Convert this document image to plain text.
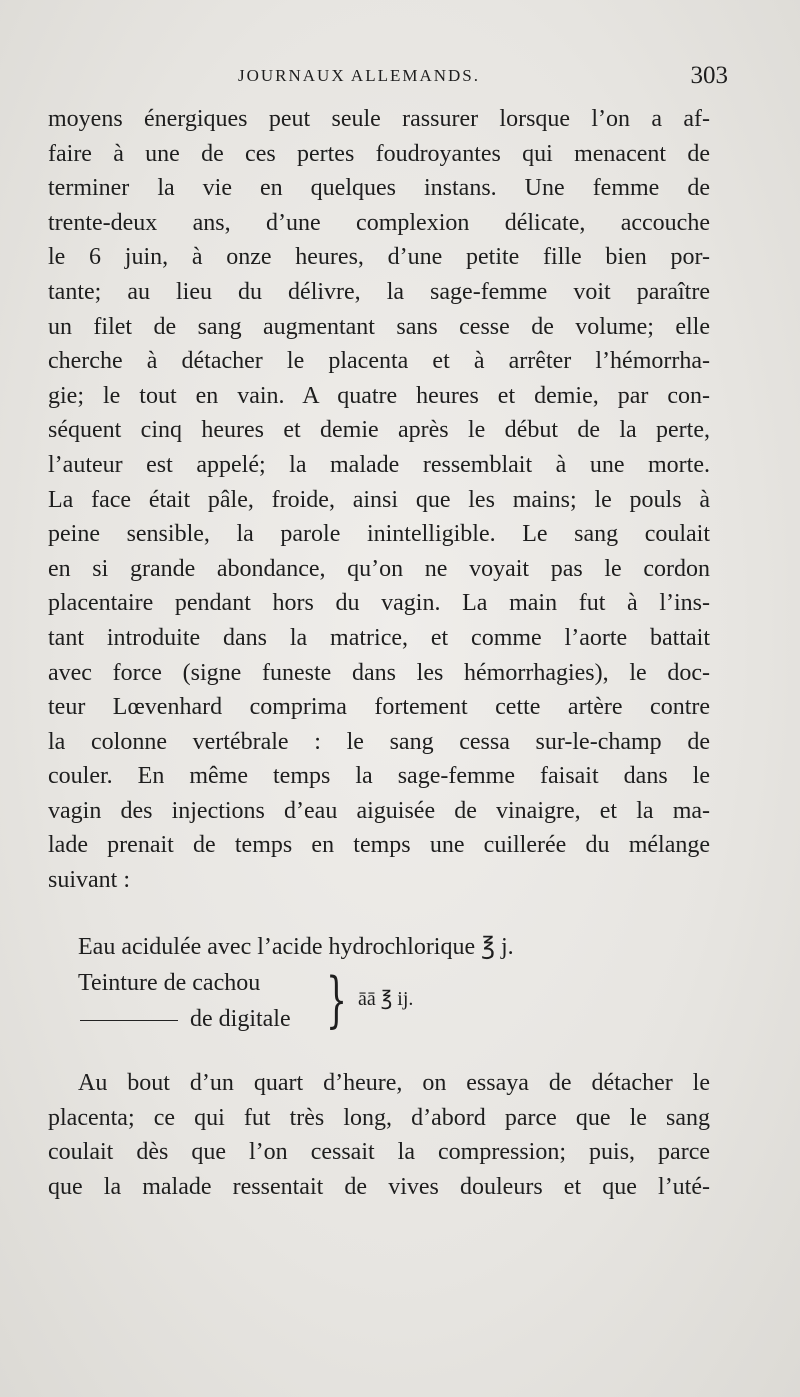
JOURNAUX ALLEMANDS.	303
moyens énergiques peut seule rassurer lorsque l’on a af-
faire à une de ces pertes foudroyantes qui menacent de
terminer la vie en quelques instans. Une femme de
trente-deux ans, d’une complexion délicate, accouche
le 6 juin, à onze heures, d’une petite fille bien por-
tante; au lieu du délivre, la sage-femme voit paraître
un filet de sang augmentant sans cesse de volume; elle
cherche à détacher le placenta et à arrêter l’hémorrha-
gie; le tout en vain. A quatre heures et demie, par con-
séquent cinq heures et demie après le début de la perte,
l’auteur est appelé; la malade ressemblait à une morte.
La face était pâle, froide, ainsi que les mains; le pouls à
peine sensible, la parole inintelligible. Le sang coulait
en si grande abondance, qu’on ne voyait pas le cordon
placentaire pendant hors du vagin. La main fut à l’ins-
tant introduite dans la matrice, et comme l’aorte battait
avec force (signe funeste dans les hémorrhagies), le doc-
teur Lœvenhard comprima fortement cette artère contre
la colonne vertébrale : le sang cessa sur-le-champ de
couler. En même temps la sage-femme faisait dans le
vagin des injections d’eau aiguisée de vinaigre, et la ma-
lade prenait de temps en temps une cuillerée du mélange
suivant :
Eau acidulée avec l’acide hydrochlorique ℥ j.
Teinture de cachou
de digitale } āā ℥ ij.
Au bout d’un quart d’heure, on essaya de détacher le
placenta; ce qui fut très long, d’abord parce que le sang
coulait dès que l’on cessait la compression; puis, parce
que la malade ressentait de vives douleurs et que l’uté-
